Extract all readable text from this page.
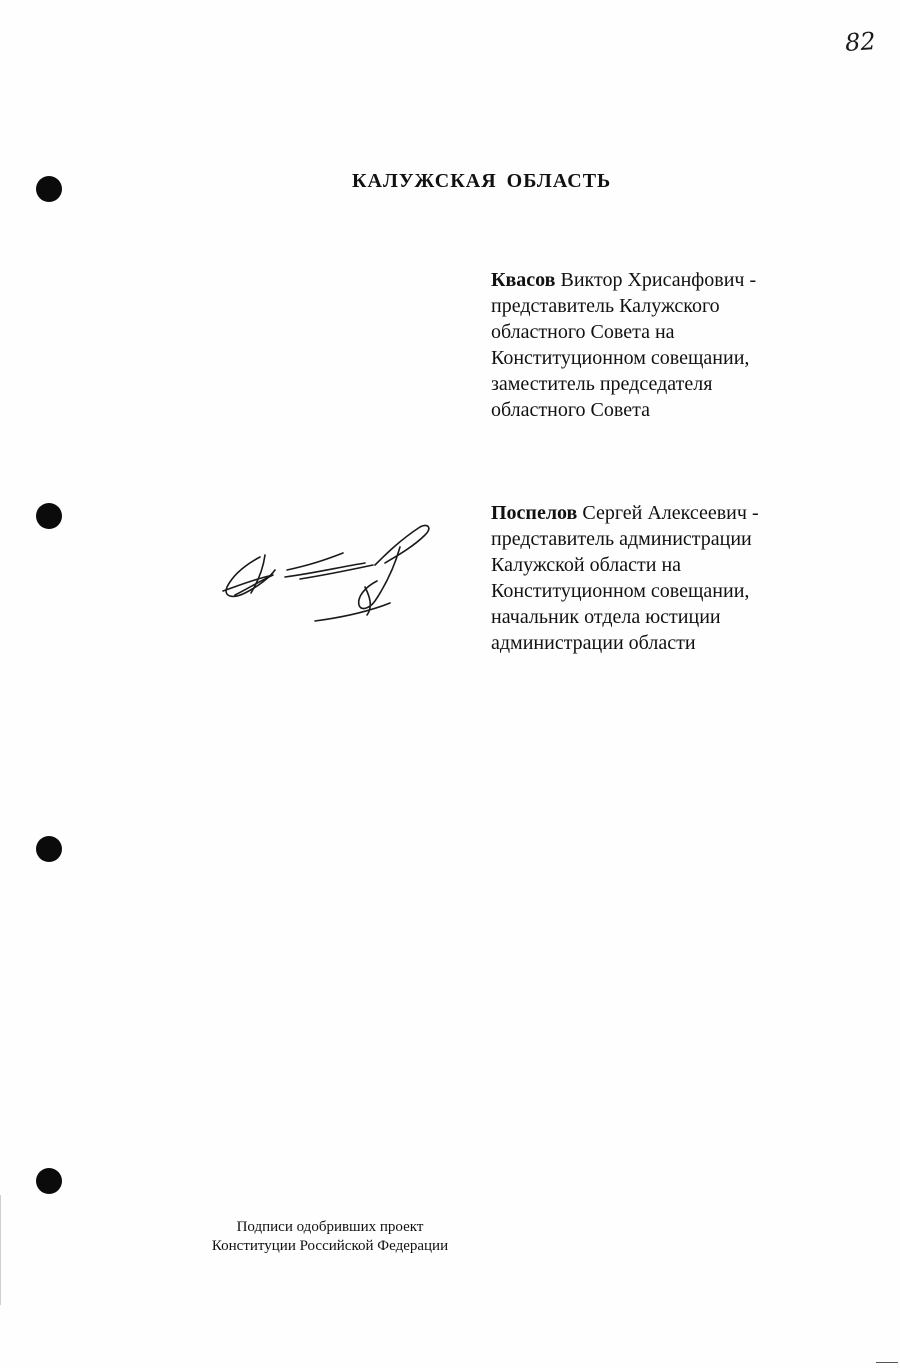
82
КАЛУЖСКАЯ ОБЛАСТЬ
Квасов Виктор Хрисанфович -
представитель Калужского
областного Совета на
Конституционном совещании,
заместитель председателя
областного Совета
Поспелов Сергей Алексеевич -
представитель администрации
Калужской области на
Конституционном совещании,
начальник отдела юстиции
администрации области
Подписи одобривших проект
Конституции Российской Федерации
